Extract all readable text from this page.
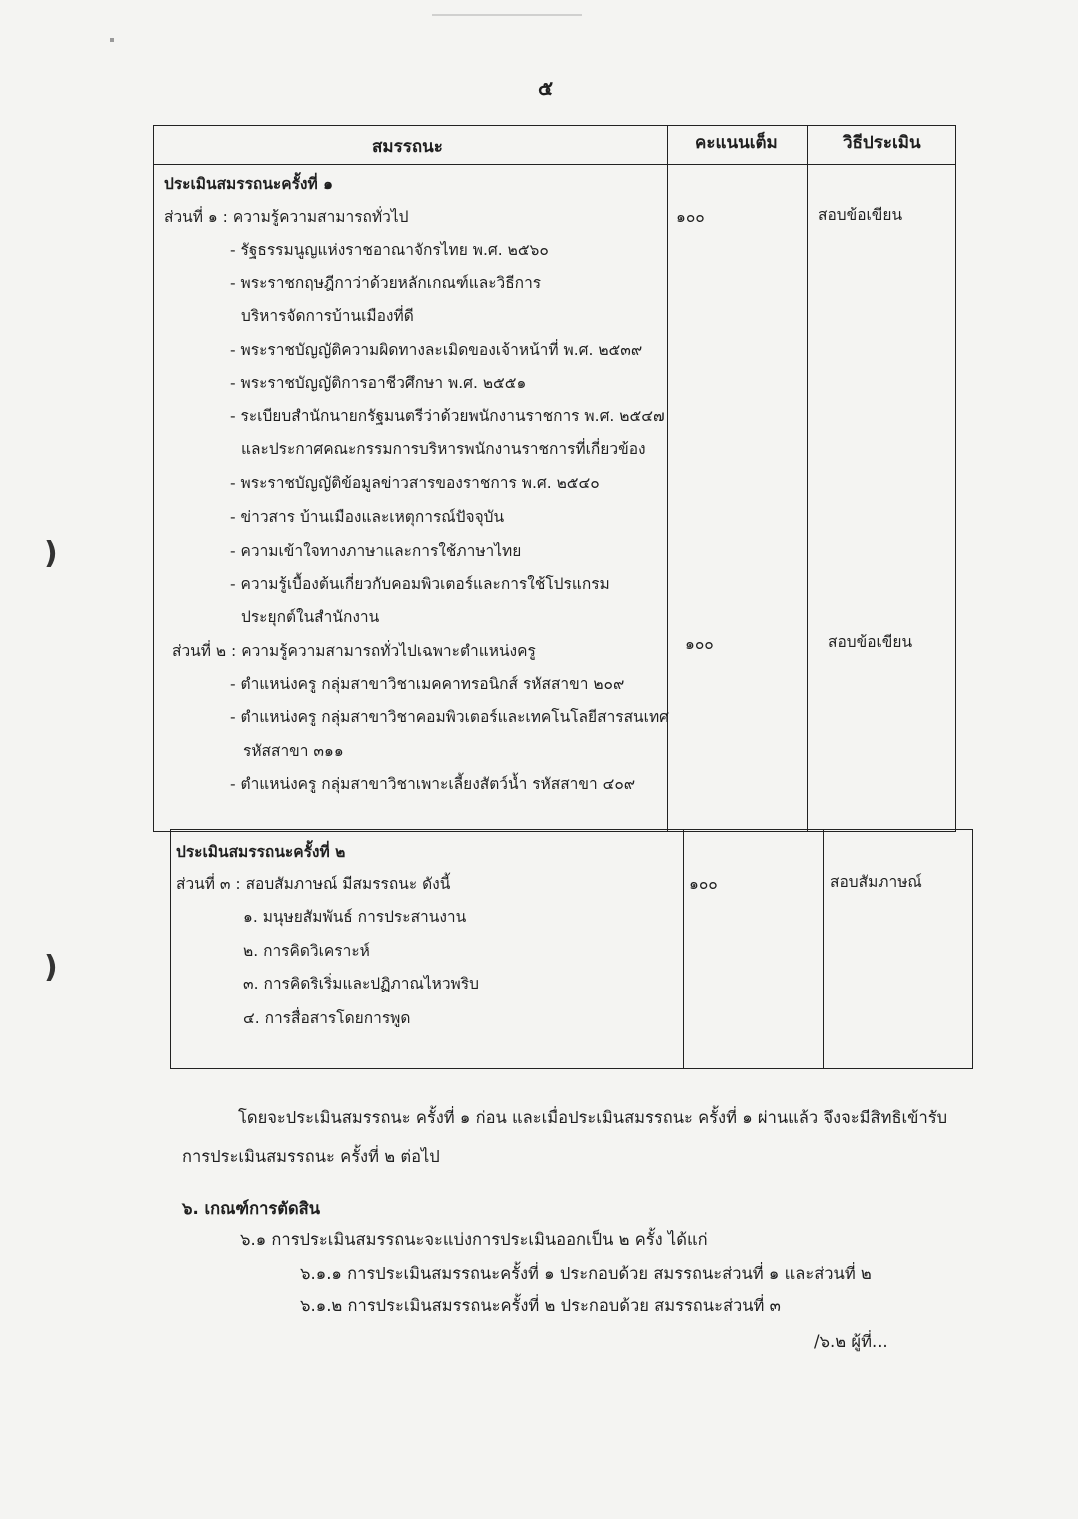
๕
)
)
สมรรถนะ	คะแนนเต็ม	วิธีประเมิน
ประเมินสมรรถนะครั้งที่ ๑
ส่วนที่ ๑ : ความรู้ความสามารถทั่วไป	๑๐๐	สอบข้อเขียน
- รัฐธรรมนูญแห่งราชอาณาจักรไทย พ.ศ. ๒๕๖๐
- พระราชกฤษฎีกาว่าด้วยหลักเกณฑ์และวิธีการ
บริหารจัดการบ้านเมืองที่ดี
- พระราชบัญญัติความผิดทางละเมิดของเจ้าหน้าที่ พ.ศ. ๒๕๓๙
- พระราชบัญญัติการอาชีวศึกษา พ.ศ. ๒๕๕๑
- ระเบียบสำนักนายกรัฐมนตรีว่าด้วยพนักงานราชการ พ.ศ. ๒๕๔๗
และประกาศคณะกรรมการบริหารพนักงานราชการที่เกี่ยวข้อง
- พระราชบัญญัติข้อมูลข่าวสารของราชการ พ.ศ. ๒๕๔๐
- ข่าวสาร บ้านเมืองและเหตุการณ์ปัจจุบัน
- ความเข้าใจทางภาษาและการใช้ภาษาไทย
- ความรู้เบื้องต้นเกี่ยวกับคอมพิวเตอร์และการใช้โปรแกรม
ประยุกต์ในสำนักงาน
ส่วนที่ ๒ : ความรู้ความสามารถทั่วไปเฉพาะตำแหน่งครู	๑๐๐	สอบข้อเขียน
- ตำแหน่งครู กลุ่มสาขาวิชาเมคคาทรอนิกส์ รหัสสาขา ๒๐๙
- ตำแหน่งครู กลุ่มสาขาวิชาคอมพิวเตอร์และเทคโนโลยีสารสนเทศ
รหัสสาขา ๓๑๑
- ตำแหน่งครู กลุ่มสาขาวิชาเพาะเลี้ยงสัตว์น้ำ รหัสสาขา ๔๐๙
ประเมินสมรรถนะครั้งที่ ๒
ส่วนที่ ๓ : สอบสัมภาษณ์ มีสมรรถนะ ดังนี้	๑๐๐	สอบสัมภาษณ์
๑. มนุษยสัมพันธ์ การประสานงาน
๒. การคิดวิเคราะห์
๓. การคิดริเริ่มและปฏิภาณไหวพริบ
๔. การสื่อสารโดยการพูด
โดยจะประเมินสมรรถนะ ครั้งที่ ๑ ก่อน และเมื่อประเมินสมรรถนะ ครั้งที่ ๑ ผ่านแล้ว จึงจะมีสิทธิเข้ารับ
การประเมินสมรรถนะ ครั้งที่ ๒ ต่อไป
๖. เกณฑ์การตัดสิน
๖.๑ การประเมินสมรรถนะจะแบ่งการประเมินออกเป็น ๒ ครั้ง ได้แก่
๖.๑.๑ การประเมินสมรรถนะครั้งที่ ๑ ประกอบด้วย สมรรถนะส่วนที่ ๑ และส่วนที่ ๒
๖.๑.๒ การประเมินสมรรถนะครั้งที่ ๒ ประกอบด้วย สมรรถนะส่วนที่ ๓
/๖.๒ ผู้ที่...
